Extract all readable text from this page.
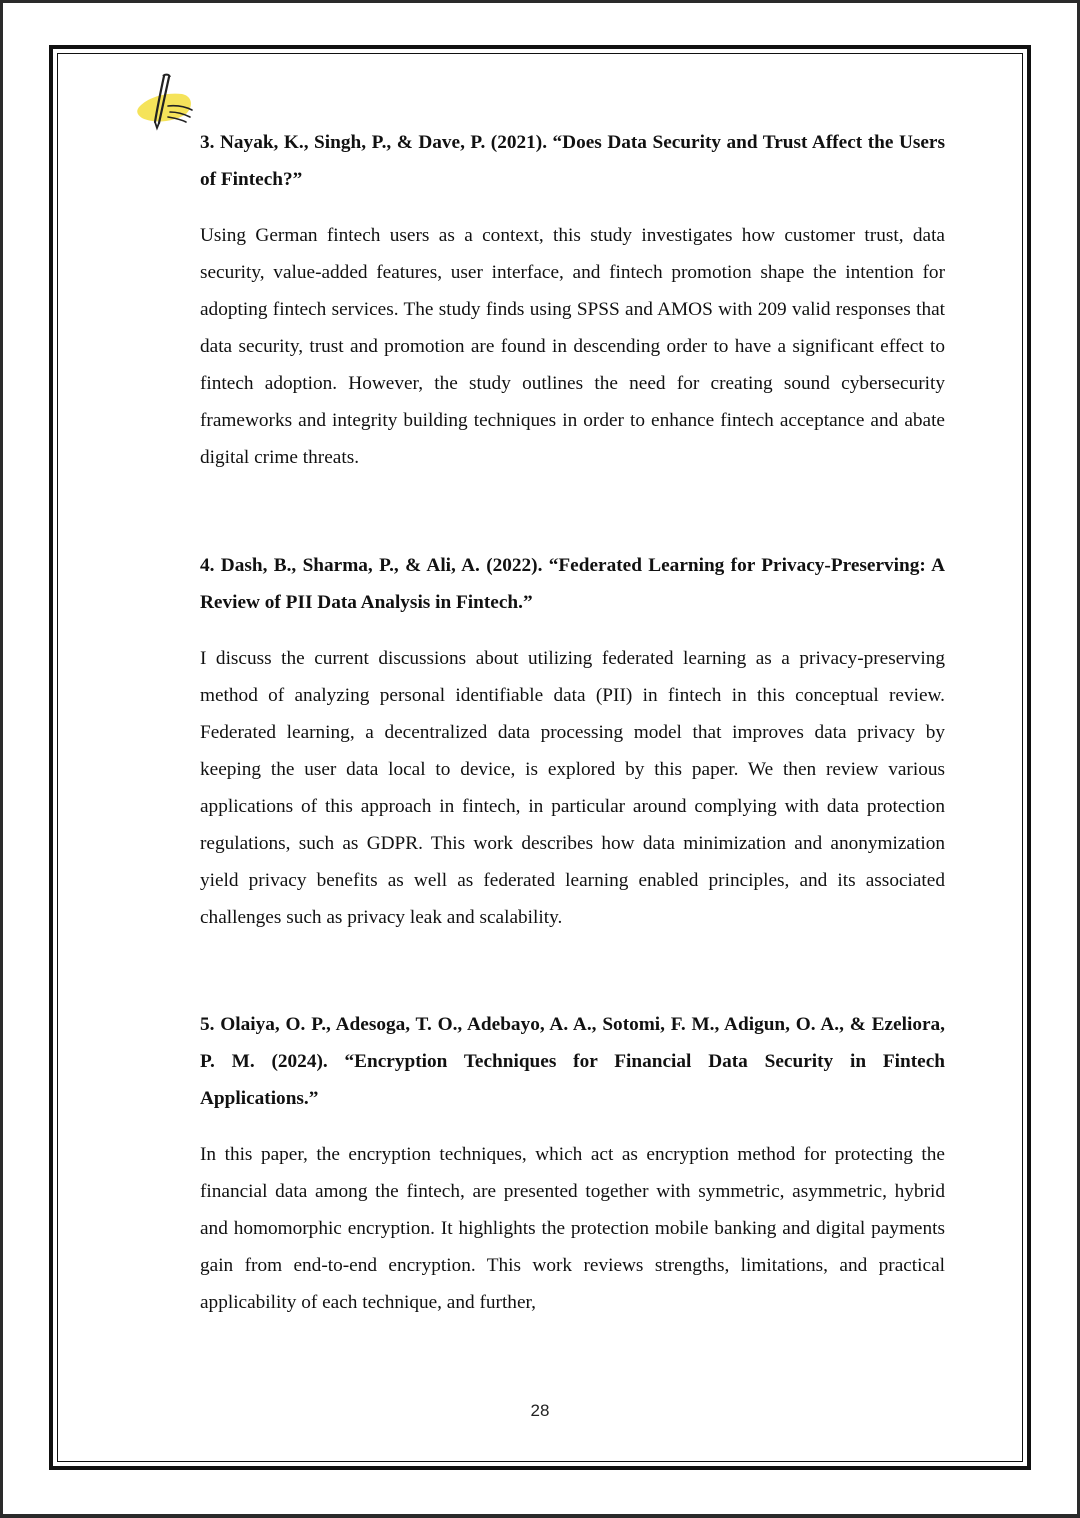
3. Nayak, K., Singh, P., & Dave, P. (2021). “Does Data Security and Trust Affect the Users of Fintech?”

Using German fintech users as a context, this study investigates how customer trust, data security, value-added features, user interface, and fintech promotion shape the intention for adopting fintech services. The study finds using SPSS and AMOS with 209 valid responses that data security, trust and promotion are found in descending order to have a significant effect to fintech adoption. However, the study outlines the need for creating sound cybersecurity frameworks and integrity building techniques in order to enhance fintech acceptance and abate digital crime threats.

4. Dash, B., Sharma, P., & Ali, A. (2022). “Federated Learning for Privacy-Preserving: A Review of PII Data Analysis in Fintech.”

I discuss the current discussions about utilizing federated learning as a privacy-preserving method of analyzing personal identifiable data (PII) in fintech in this conceptual review. Federated learning, a decentralized data processing model that improves data privacy by keeping the user data local to device, is explored by this paper. We then review various applications of this approach in fintech, in particular around complying with data protection regulations, such as GDPR. This work describes how data minimization and anonymization yield privacy benefits as well as federated learning enabled principles, and its associated challenges such as privacy leak and scalability.

5. Olaiya, O. P., Adesoga, T. O., Adebayo, A. A., Sotomi, F. M., Adigun, O. A., & Ezeliora, P. M. (2024). “Encryption Techniques for Financial Data Security in Fintech Applications.”

In this paper, the encryption techniques, which act as encryption method for protecting the financial data among the fintech, are presented together with symmetric, asymmetric, hybrid and homomorphic encryption. It highlights the protection mobile banking and digital payments gain from end-to-end encryption. This work reviews strengths, limitations, and practical applicability of each technique, and further,

28
